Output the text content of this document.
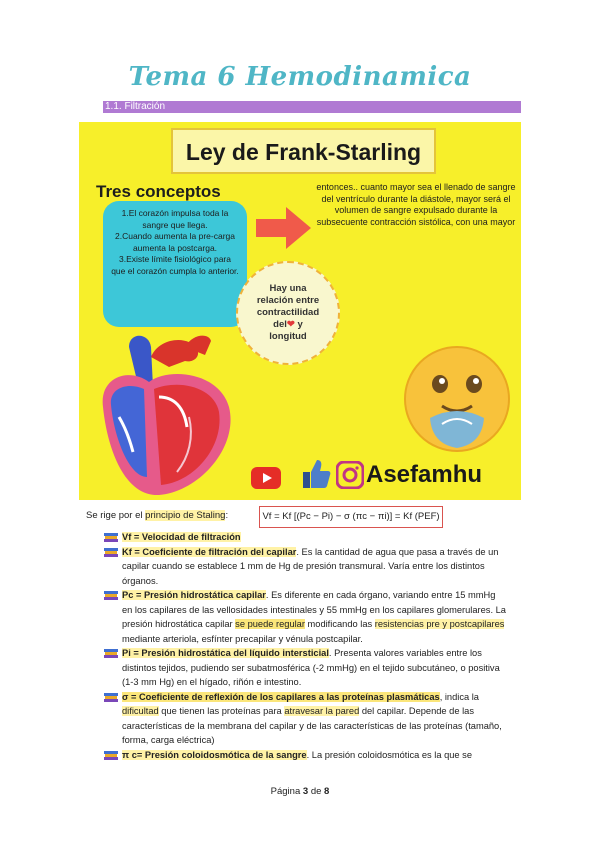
Tema 6 Hemodinamica
1.1. Filtración
Ley de Frank-Starling
Tres conceptos
1.El corazón impulsa toda la sangre que llega.
2.Cuando aumenta la pre-carga aumenta la postcarga.
3.Existe límite fisiológico para que el corazón cumpla lo anterior.
entonces.. cuanto mayor sea el llenado de sangre del ventrículo durante la diástole, mayor será el volumen de sangre expulsado durante la subsecuente contracción sistólica, con una mayor
Hay una
relación entre
contractilidad
del❤ y
longitud
Asefamhu
Se rige por el principio de Staling:	Vf = Kf [(Pc − Pi) − σ (πc − πi)] = Kf (PEF)
Vf = Velocidad de filtración
Kf = Coeficiente de filtración del capilar. Es la cantidad de agua que pasa a través de un capilar cuando se establece 1 mm de Hg de presión transmural. Varía entre los distintos órganos.
Pc = Presión hidrostática capilar. Es diferente en cada órgano, variando entre 15 mmHg en los capilares de las vellosidades intestinales y 55 mmHg en los capilares glomerulares. La presión hidrostática capilar se puede regular modificando las resistencias pre y postcapilares mediante arteriola, esfínter precapilar y vénula postcapilar.
Pi = Presión hidrostática del líquido intersticial. Presenta valores variables entre los distintos tejidos, pudiendo ser subatmosférica (-2 mmHg) en el tejido subcutáneo, o positiva (1-3 mm Hg) en el hígado, riñón e intestino.
σ = Coeficiente de reflexión de los capilares a las proteínas plasmáticas, indica la dificultad que tienen las proteínas para atravesar la pared del capilar. Depende de las características de la membrana del capilar y de las características de las proteínas (tamaño, forma, carga eléctrica)
π c= Presión coloidosmótica de la sangre. La presión coloidosmótica es la que se
Página 3 de 8
